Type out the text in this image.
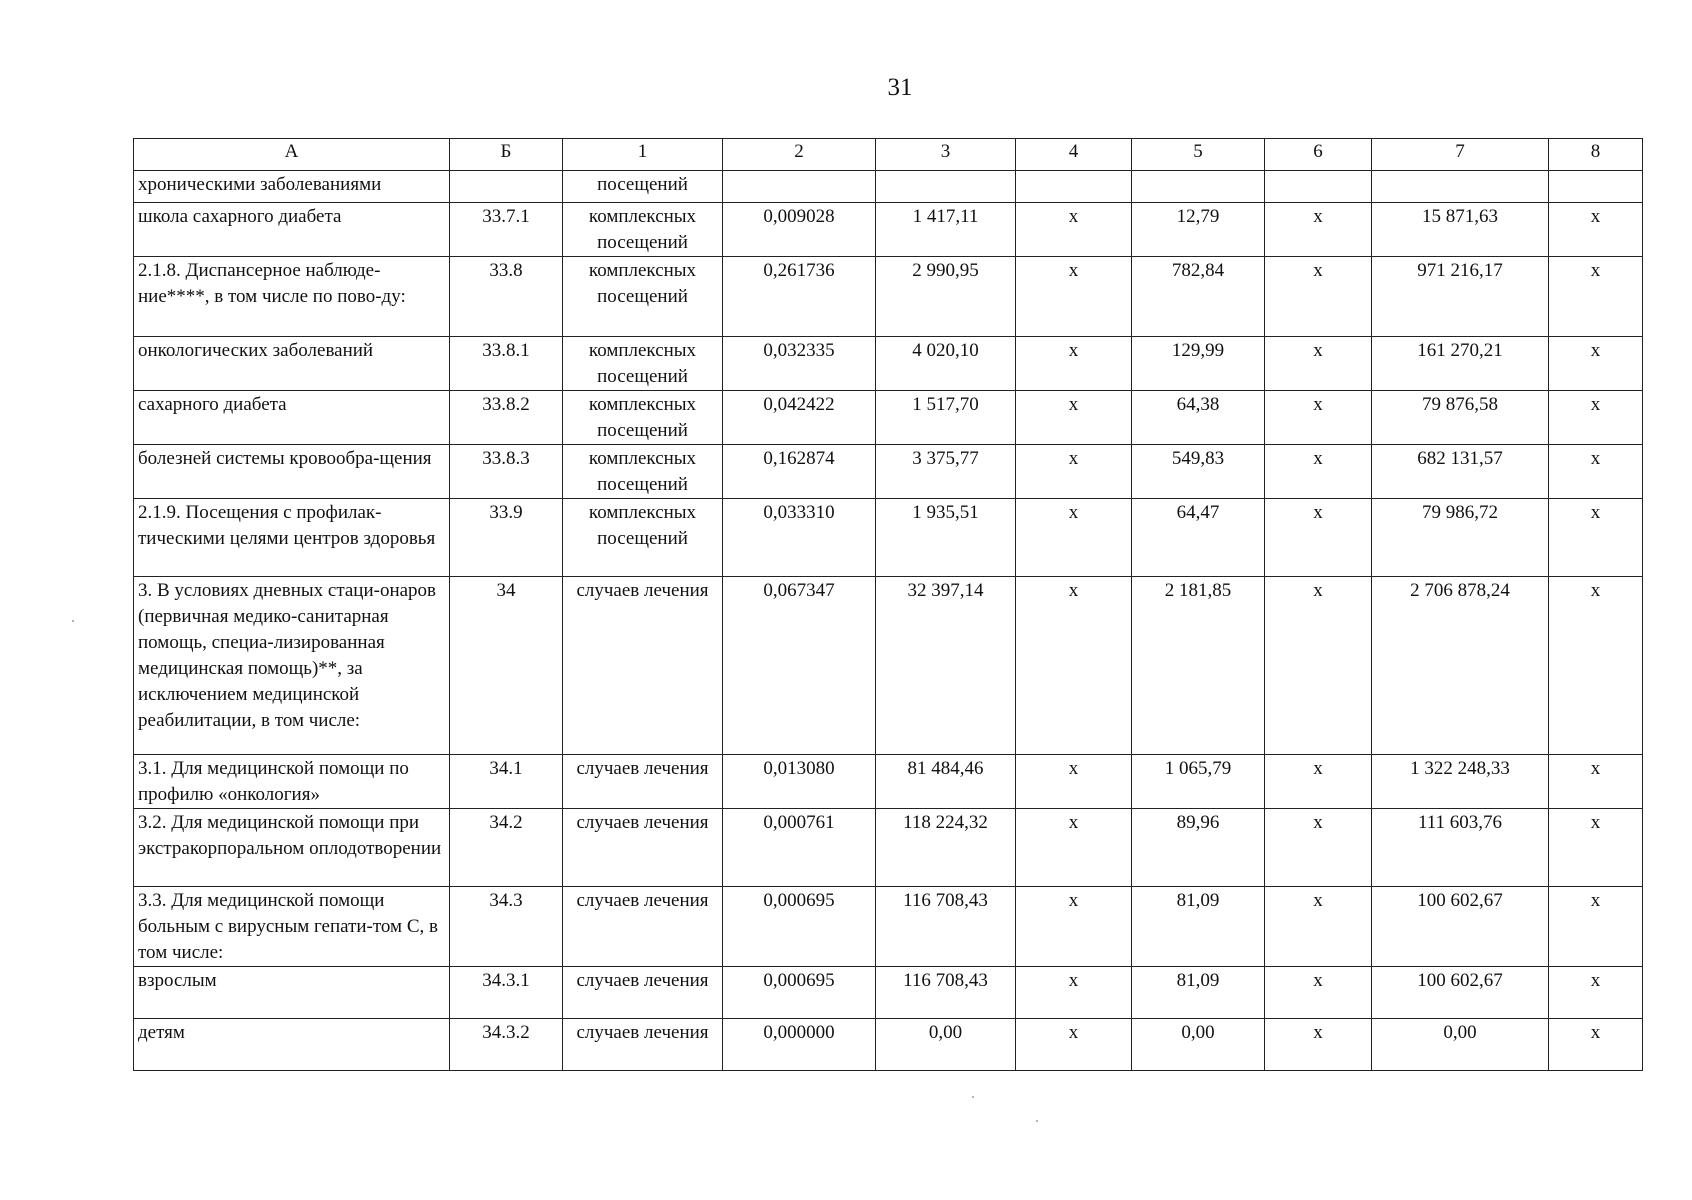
31
А	Б	1	2	3	4	5	6	7	8
хроническими заболеваниями		посещений							
школа сахарного диабета	33.7.1	комплексных посещений	0,009028	1 417,11	х	12,79	х	15 871,63	х
2.1.8. Диспансерное наблюде-ние****, в том числе по пово-ду:	33.8	комплексных посещений	0,261736	2 990,95	х	782,84	х	971 216,17	х
онкологических заболеваний	33.8.1	комплексных посещений	0,032335	4 020,10	х	129,99	х	161 270,21	х
сахарного диабета	33.8.2	комплексных посещений	0,042422	1 517,70	х	64,38	х	79 876,58	х
болезней системы кровообра-щения	33.8.3	комплексных посещений	0,162874	3 375,77	х	549,83	х	682 131,57	х
2.1.9. Посещения с профилак-тическими целями центров здоровья	33.9	комплексных посещений	0,033310	1 935,51	х	64,47	х	79 986,72	х
3. В условиях дневных стаци-онаров (первичная медико-санитарная помощь, специа-лизированная медицинская помощь)**, за исключением медицинской реабилитации, в том числе:	34	случаев лечения	0,067347	32 397,14	х	2 181,85	х	2 706 878,24	х
3.1. Для медицинской помощи по профилю «онкология»	34.1	случаев лечения	0,013080	81 484,46	х	1 065,79	х	1 322 248,33	х
3.2. Для медицинской помощи при экстракорпоральном оплодотворении	34.2	случаев лечения	0,000761	118 224,32	х	89,96	х	111 603,76	х
3.3. Для медицинской помощи больным с вирусным гепати-том С, в том числе:	34.3	случаев лечения	0,000695	116 708,43	х	81,09	х	100 602,67	х
взрослым	34.3.1	случаев лечения	0,000695	116 708,43	х	81,09	х	100 602,67	х
детям	34.3.2	случаев лечения	0,000000	0,00	х	0,00	х	0,00	х
